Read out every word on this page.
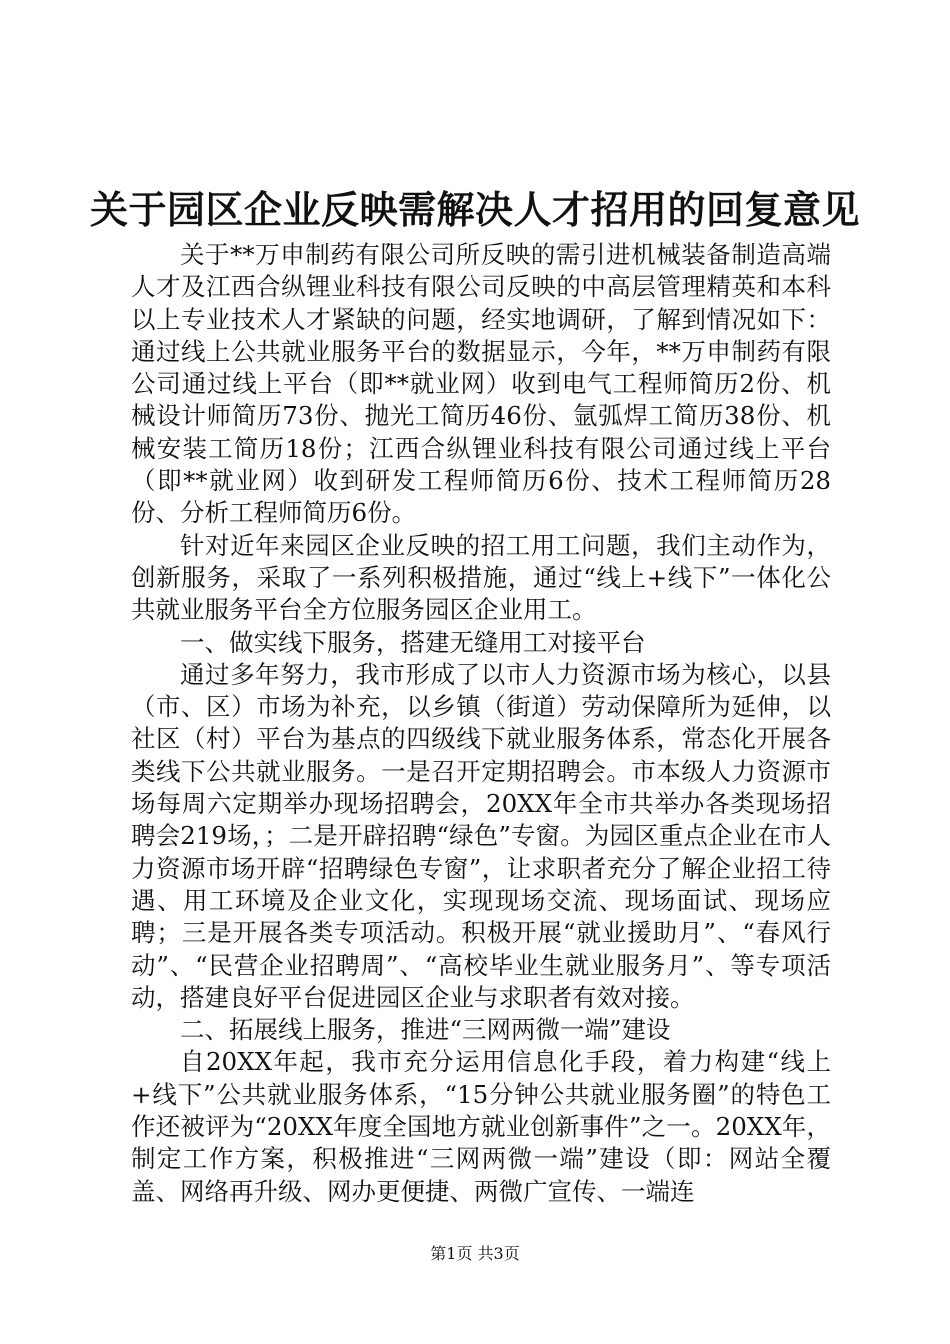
关于园区企业反映需解决人才招用的回复意见

关于**万申制药有限公司所反映的需引进机械装备制造高端人才及江西合纵锂业科技有限公司反映的中高层管理精英和本科以上专业技术人才紧缺的问题，经实地调研，了解到情况如下：通过线上公共就业服务平台的数据显示，今年，**万申制药有限公司通过线上平台（即**就业网）收到电气工程师简历2份、机械设计师简历73份、抛光工简历46份、氩弧焊工简历38份、机械安装工简历18份；江西合纵锂业科技有限公司通过线上平台（即**就业网）收到研发工程师简历6份、技术工程师简历28份、分析工程师简历6份。

针对近年来园区企业反映的招工用工问题，我们主动作为，创新服务，采取了一系列积极措施，通过“线上+线下”一体化公共就业服务平台全方位服务园区企业用工。

一、做实线下服务，搭建无缝用工对接平台

通过多年努力，我市形成了以市人力资源市场为核心，以县（市、区）市场为补充，以乡镇（街道）劳动保障所为延伸，以社区（村）平台为基点的四级线下就业服务体系，常态化开展各类线下公共就业服务。一是召开定期招聘会。市本级人力资源市场每周六定期举办现场招聘会，20XX年全市共举办各类现场招聘会219场，；二是开辟招聘“绿色”专窗。为园区重点企业在市人力资源市场开辟“招聘绿色专窗”，让求职者充分了解企业招工待遇、用工环境及企业文化，实现现场交流、现场面试、现场应聘；三是开展各类专项活动。积极开展“就业援助月”、“春风行动”、“民营企业招聘周”、“高校毕业生就业服务月”、等专项活动，搭建良好平台促进园区企业与求职者有效对接。

二、拓展线上服务，推进“三网两微一端”建设

自20XX年起，我市充分运用信息化手段，着力构建“线上+线下”公共就业服务体系，“15分钟公共就业服务圈”的特色工作还被评为“20XX年度全国地方就业创新事件”之一。20XX年，制定工作方案，积极推进“三网两微一端”建设（即：网站全覆盖、网络再升级、网办更便捷、两微广宣传、一端连

第1页 共3页
